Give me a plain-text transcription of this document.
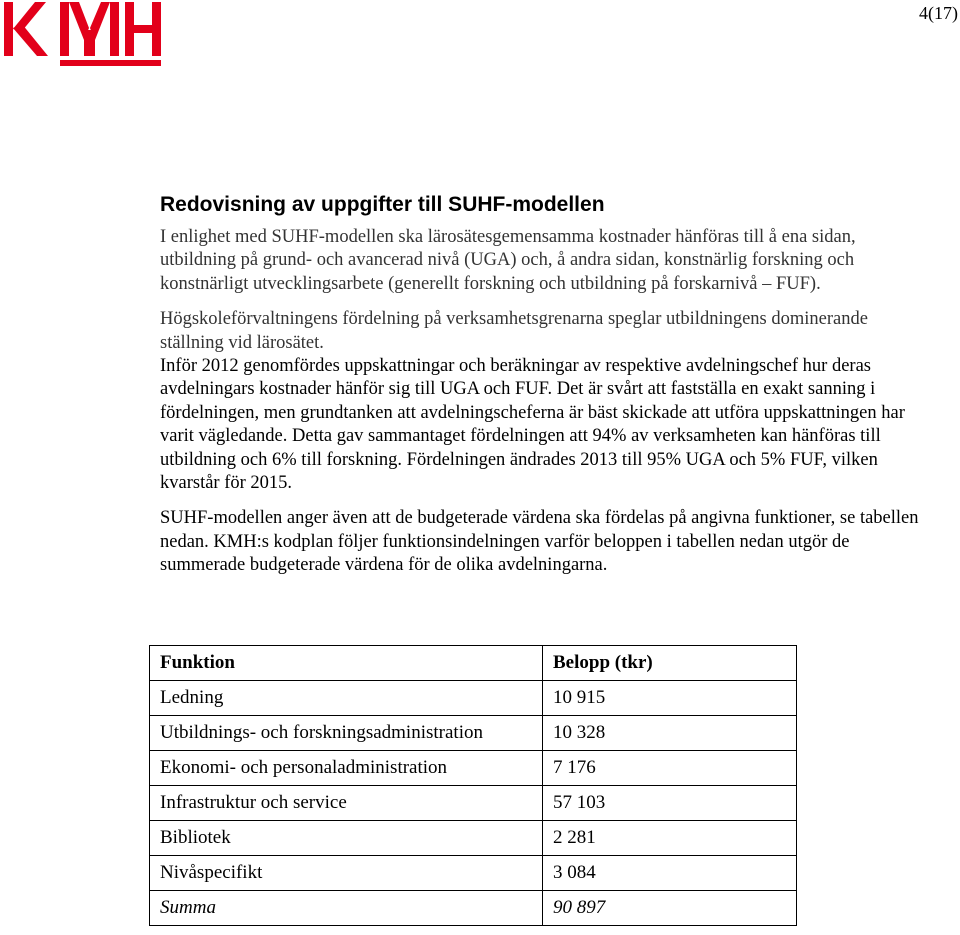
4(17)
Redovisning av uppgifter till SUHF-modellen

I enlighet med SUHF-modellen ska lärosätesgemensamma kostnader hänföras till å ena sidan, utbildning på grund- och avancerad nivå (UGA) och, å andra sidan, konstnärlig forskning och konstnärligt utvecklingsarbete (generellt forskning och utbildning på forskarnivå – FUF).

Högskoleförvaltningens fördelning på verksamhetsgrenarna speglar utbildningens dominerande ställning vid lärosätet.

Inför 2012 genomfördes uppskattningar och beräkningar av respektive avdelningschef hur deras avdelningars kostnader hänför sig till UGA och FUF. Det är svårt att fastställa en exakt sanning i fördelningen, men grundtanken att avdelningscheferna är bäst skickade att utföra uppskattningen har varit vägledande. Detta gav sammantaget fördelningen att 94% av verksamheten kan hänföras till utbildning och 6% till forskning. Fördelningen ändrades 2013 till 95% UGA och 5% FUF, vilken kvarstår för 2015.

SUHF-modellen anger även att de budgeterade värdena ska fördelas på angivna funktioner, se tabellen nedan. KMH:s kodplan följer funktionsindelningen varför beloppen i tabellen nedan utgör de summerade budgeterade värdena för de olika avdelningarna.

Funktion	Belopp (tkr)
Ledning	10 915
Utbildnings- och forskningsadministration	10 328
Ekonomi- och personaladministration	7 176
Infrastruktur och service	57 103
Bibliotek	2 281
Nivåspecifikt	3 084
Summa	90 897
